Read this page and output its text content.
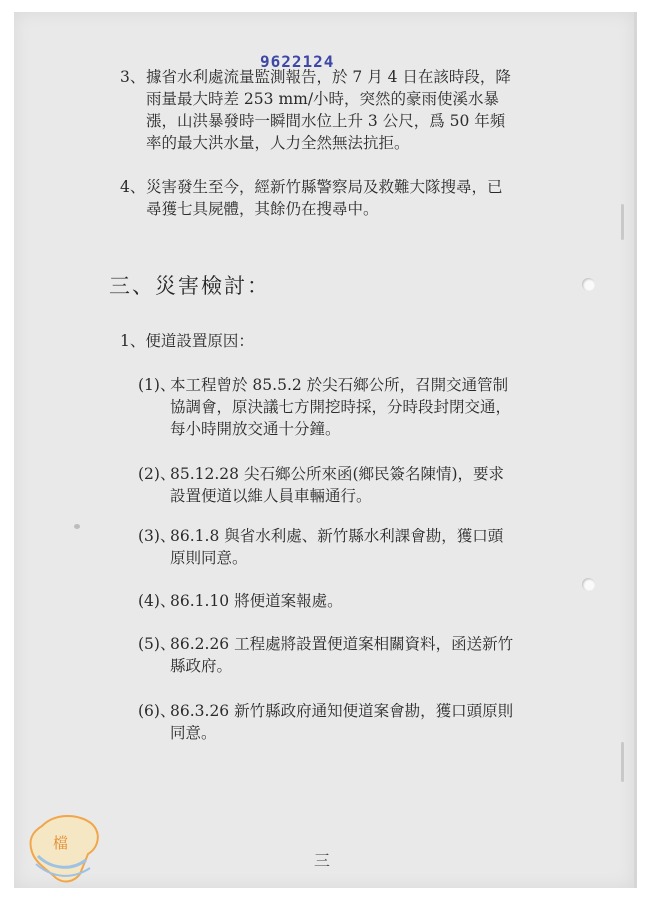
9622124
3、 據省水利處流量監測報告，於 7 月 4 日在該時段，降
雨量最大時差 253 mm/小時，突然的豪雨使溪水暴
漲，山洪暴發時一瞬間水位上升 3 公尺，爲 50 年頻
率的最大洪水量，人力全然無法抗拒。
4、 災害發生至今，經新竹縣警察局及救難大隊搜尋，已
尋獲七具屍體，其餘仍在搜尋中。
三、災害檢討：
1、便道設置原因：
(1)、
本工程曾於 85.5.2 於尖石鄉公所，召開交通管制
協調會，原決議七方開挖時採，分時段封閉交通，
每小時開放交通十分鐘。
(2)、
85.12.28 尖石鄉公所來函(鄉民簽名陳情)，要求
設置便道以維人員車輛通行。
(3)、
86.1.8 與省水利處、新竹縣水利課會勘，獲口頭
原則同意。
(4)、
86.1.10 將便道案報處。
(5)、
86.2.26 工程處將設置便道案相關資料，函送新竹
縣政府。
(6)、
86.3.26 新竹縣政府通知便道案會勘，獲口頭原則
同意。
三
檔
